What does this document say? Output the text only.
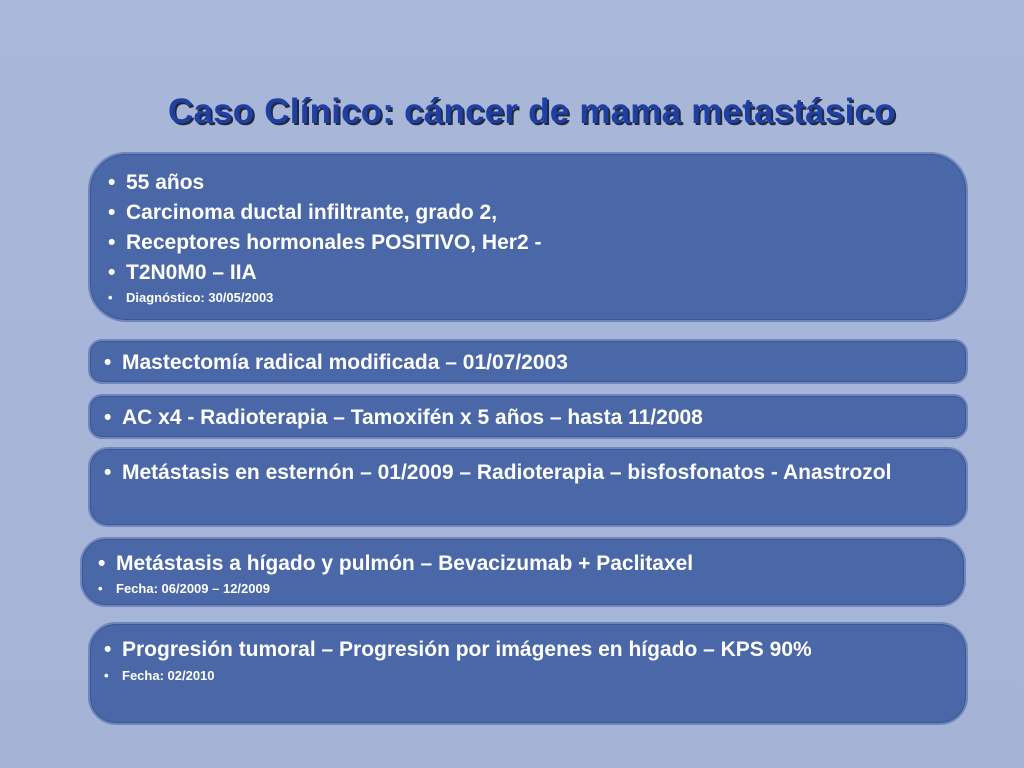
Caso Clínico: cáncer de mama metastásico
• 55 años
• Carcinoma ductal infiltrante, grado 2,
• Receptores hormonales POSITIVO, Her2 -
• T2N0M0 – IIA
• Diagnóstico: 30/05/2003
• Mastectomía radical modificada – 01/07/2003
• AC x4 - Radioterapia – Tamoxifén x 5 años – hasta 11/2008
• Metástasis en esternón – 01/2009 – Radioterapia – bisfosfonatos - Anastrozol
• Metástasis a hígado y pulmón – Bevacizumab + Paclitaxel
• Fecha: 06/2009 – 12/2009
• Progresión tumoral – Progresión por imágenes en hígado – KPS 90%
• Fecha: 02/2010
